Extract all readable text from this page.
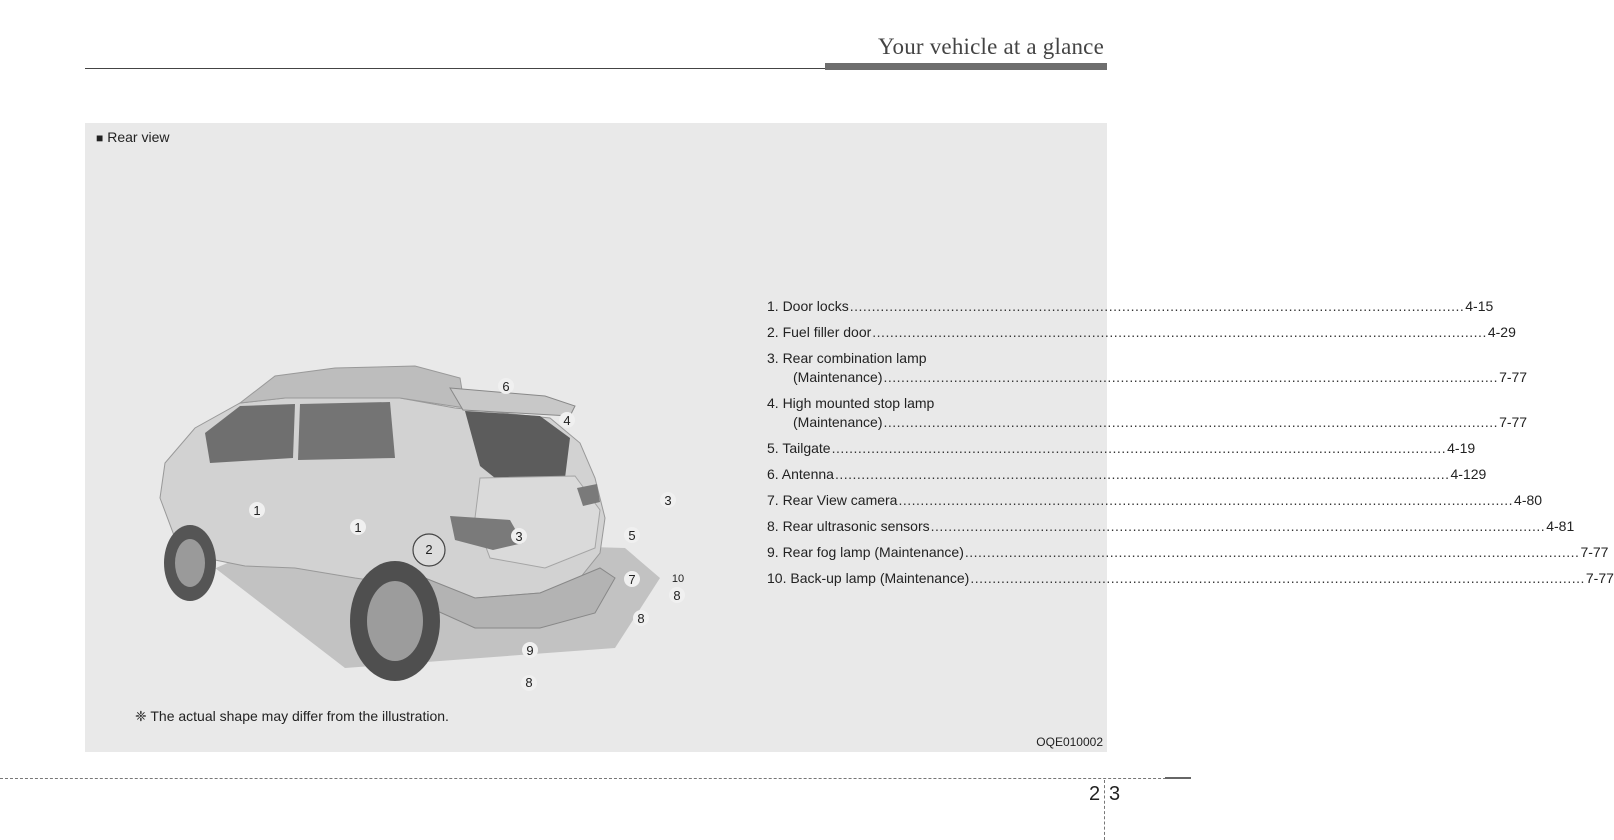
Your vehicle at a glance
■ Rear view
1
1
2
3
3
4
5
6
7
8
8
8
9
10
1. Door locks .....	4-15
2. Fuel filler door .....	4-29
3. Rear combination lamp
(Maintenance) .....	7-77
4. High mounted stop lamp
(Maintenance) .....	7-77
5. Tailgate .....	4-19
6. Antenna .....	4-129
7. Rear View camera .....	4-80
8. Rear ultrasonic sensors .....	4-81
9. Rear fog lamp (Maintenance) .....	7-77
10. Back-up lamp (Maintenance) .....	7-77
❈ The actual shape may differ from the illustration.
OQE010002
2 3
